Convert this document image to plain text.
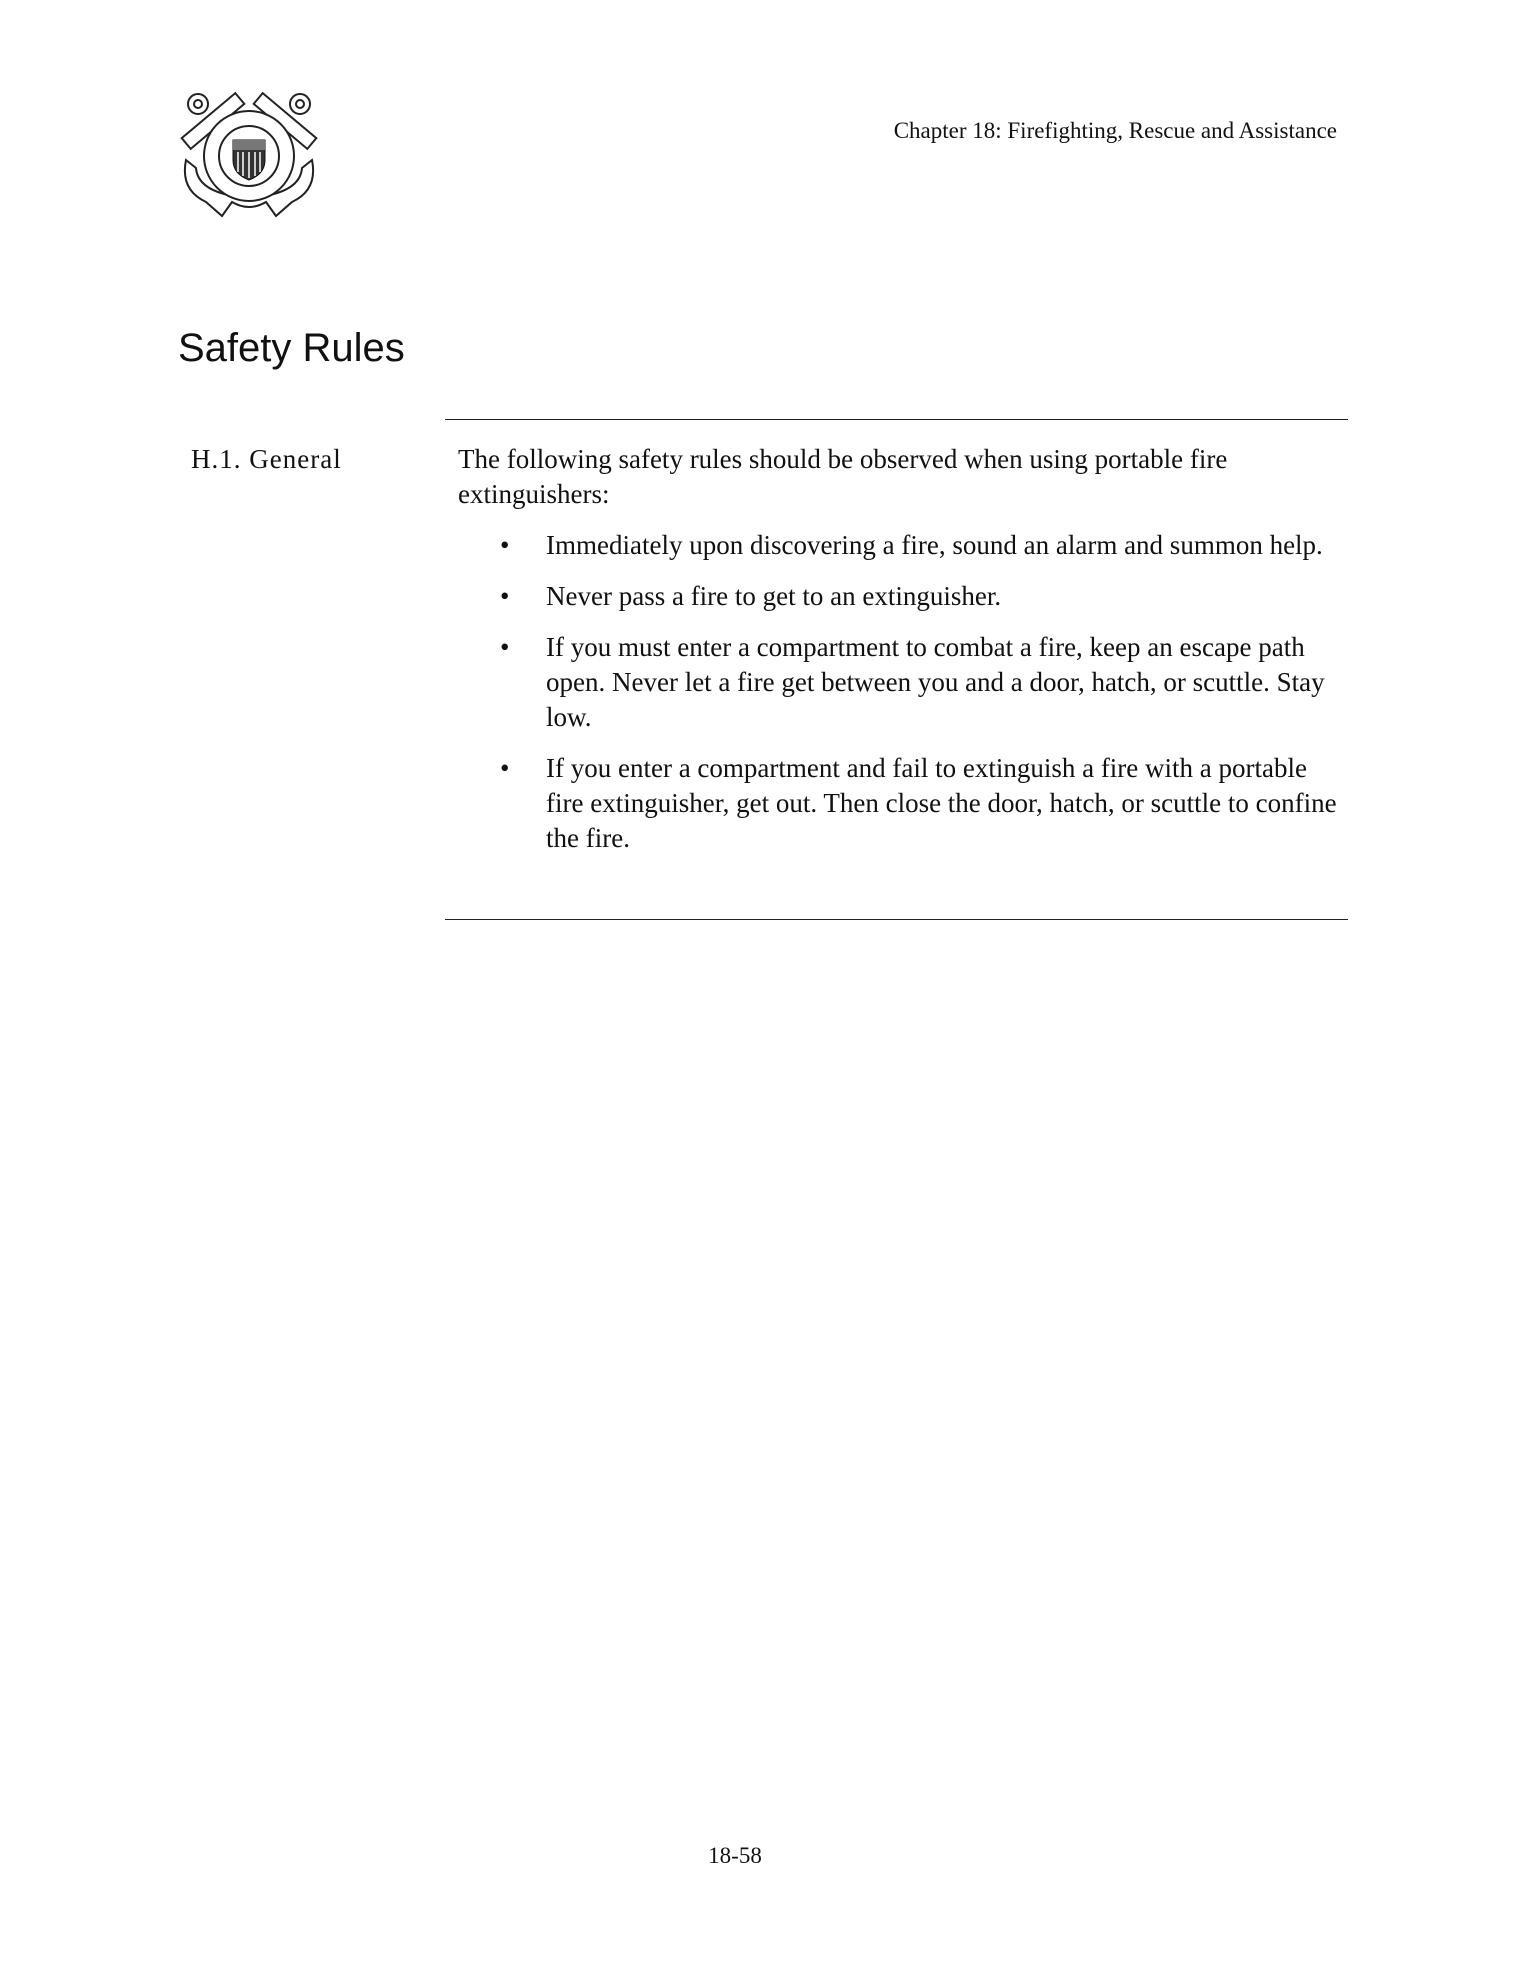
Chapter 18: Firefighting, Rescue and Assistance
Safety Rules
H.1. General	The following safety rules should be observed when using portable fire extinguishers:

• Immediately upon discovering a fire, sound an alarm and summon help.
• Never pass a fire to get to an extinguisher.
• If you must enter a compartment to combat a fire, keep an escape path open. Never let a fire get between you and a door, hatch, or scuttle. Stay low.
• If you enter a compartment and fail to extinguish a fire with a portable fire extinguisher, get out. Then close the door, hatch, or scuttle to confine the fire.
18-58
